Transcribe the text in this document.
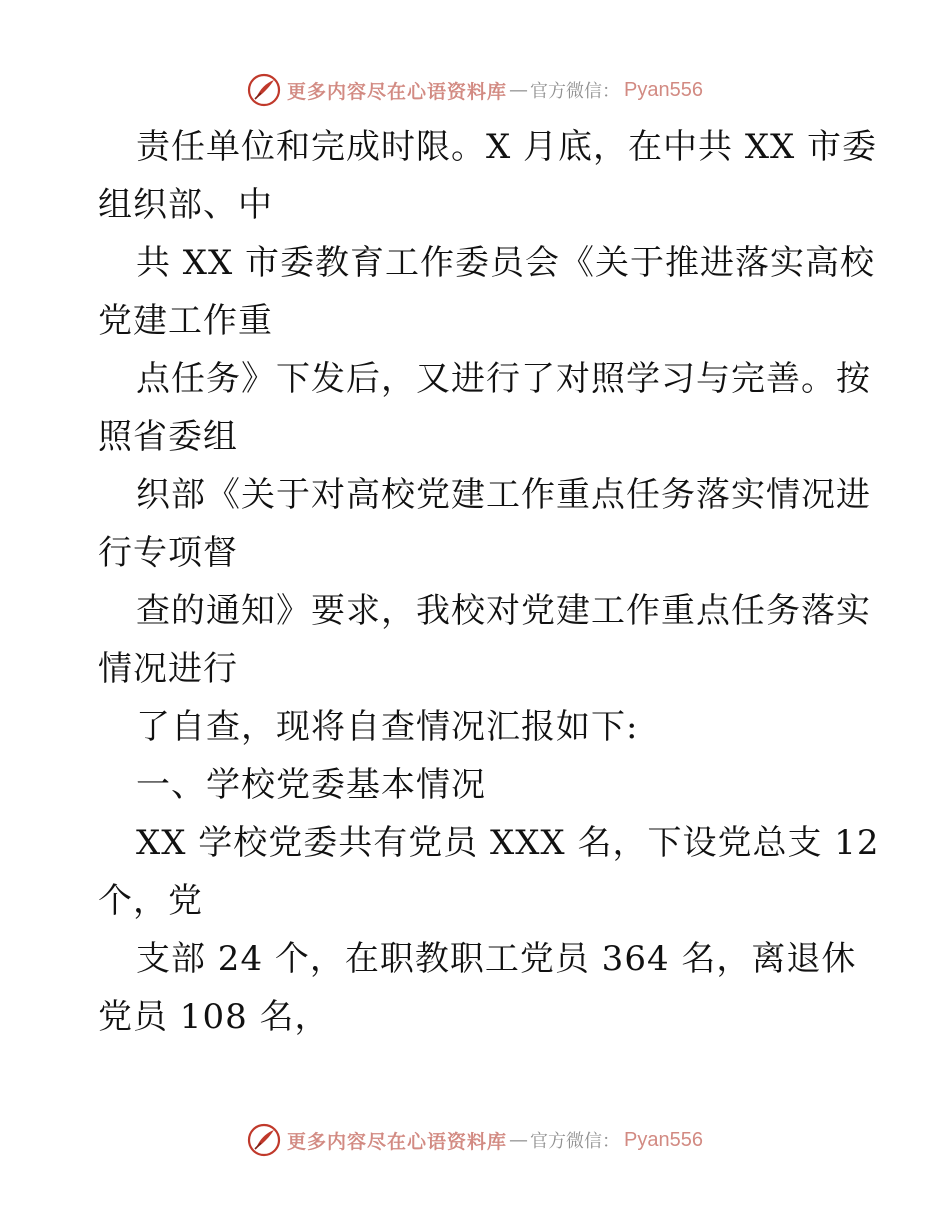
更多内容尽在心语资料库 — 官方微信： Pyan556

责任单位和完成时限。X 月底，在中共 XX 市委
组织部、中

共 XX 市委教育工作委员会《关于推进落实高校
党建工作重

点任务》下发后，又进行了对照学习与完善。按
照省委组

织部《关于对高校党建工作重点任务落实情况进
行专项督

查的通知》要求，我校对党建工作重点任务落实
情况进行

了自查，现将自查情况汇报如下:

一、学校党委基本情况

XX 学校党委共有党员 XXX 名，下设党总支 12
个，党

支部 24 个，在职教职工党员 364 名，离退休
党员 108 名，

更多内容尽在心语资料库 — 官方微信： Pyan556
